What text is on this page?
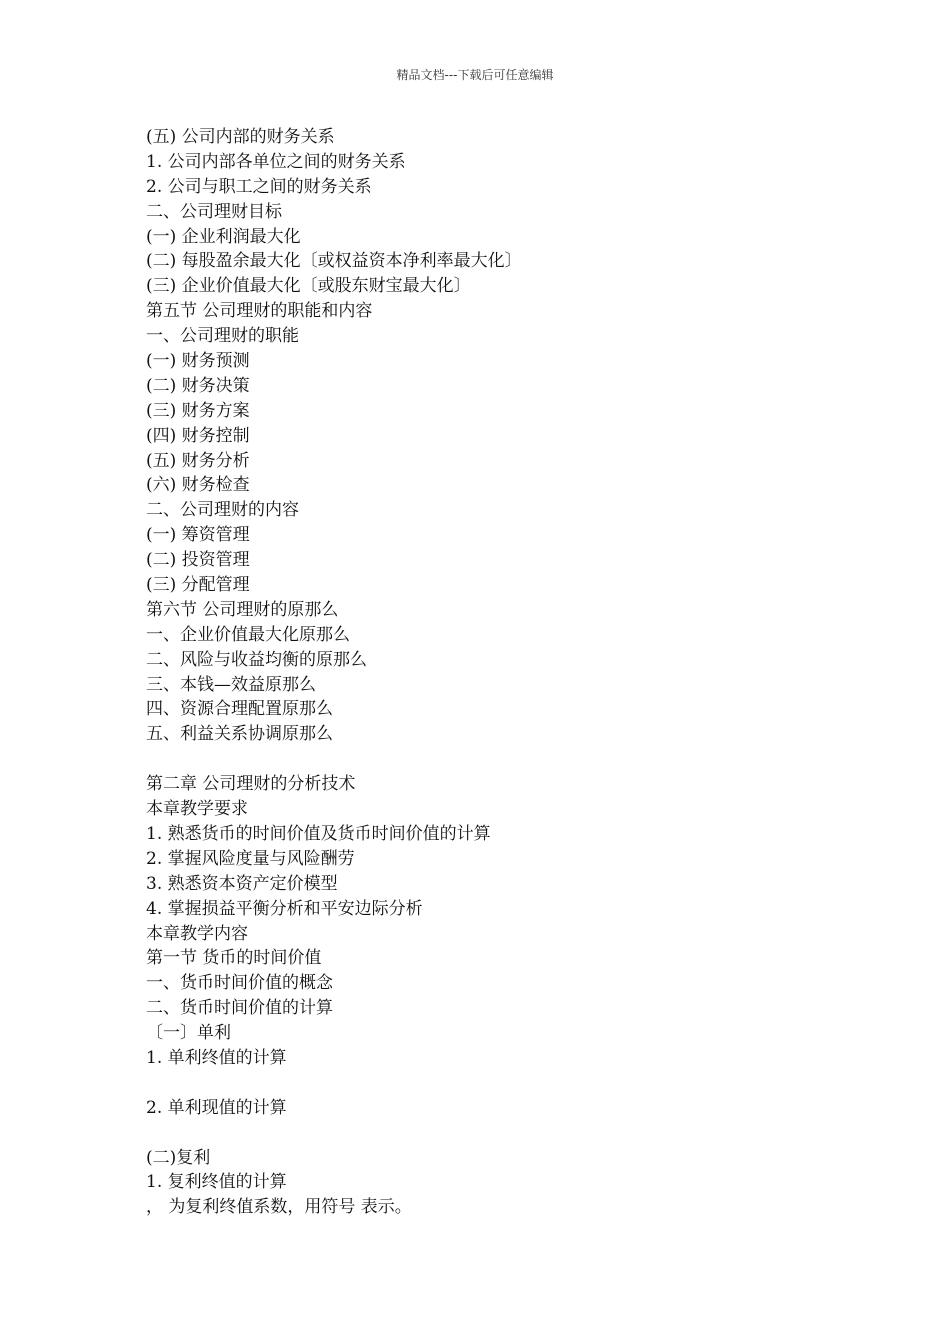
精品文档---下载后可任意编辑
(五) 公司内部的财务关系
1. 公司内部各单位之间的财务关系
2. 公司与职工之间的财务关系
二、公司理财目标
(一) 企业利润最大化
(二) 每股盈余最大化〔或权益资本净利率最大化〕
(三) 企业价值最大化〔或股东财宝最大化〕
第五节 公司理财的职能和内容
一、公司理财的职能
(一) 财务预测
(二) 财务决策
(三) 财务方案
(四) 财务控制
(五) 财务分析
(六) 财务检查
二、公司理财的内容
(一) 筹资管理
(二) 投资管理
(三) 分配管理
第六节 公司理财的原那么
一、企业价值最大化原那么
二、风险与收益均衡的原那么
三、本钱—效益原那么
四、资源合理配置原那么
五、利益关系协调原那么
第二章 公司理财的分析技术
本章教学要求
1. 熟悉货币的时间价值及货币时间价值的计算
2. 掌握风险度量与风险酬劳
3. 熟悉资本资产定价模型
4. 掌握损益平衡分析和平安边际分析
本章教学内容
第一节 货币的时间价值
一、货币时间价值的概念
二、货币时间价值的计算
〔一〕单利
1. 单利终值的计算
2. 单利现值的计算
(二)复利
1. 复利终值的计算
， 为复利终值系数，用符号 表示。
